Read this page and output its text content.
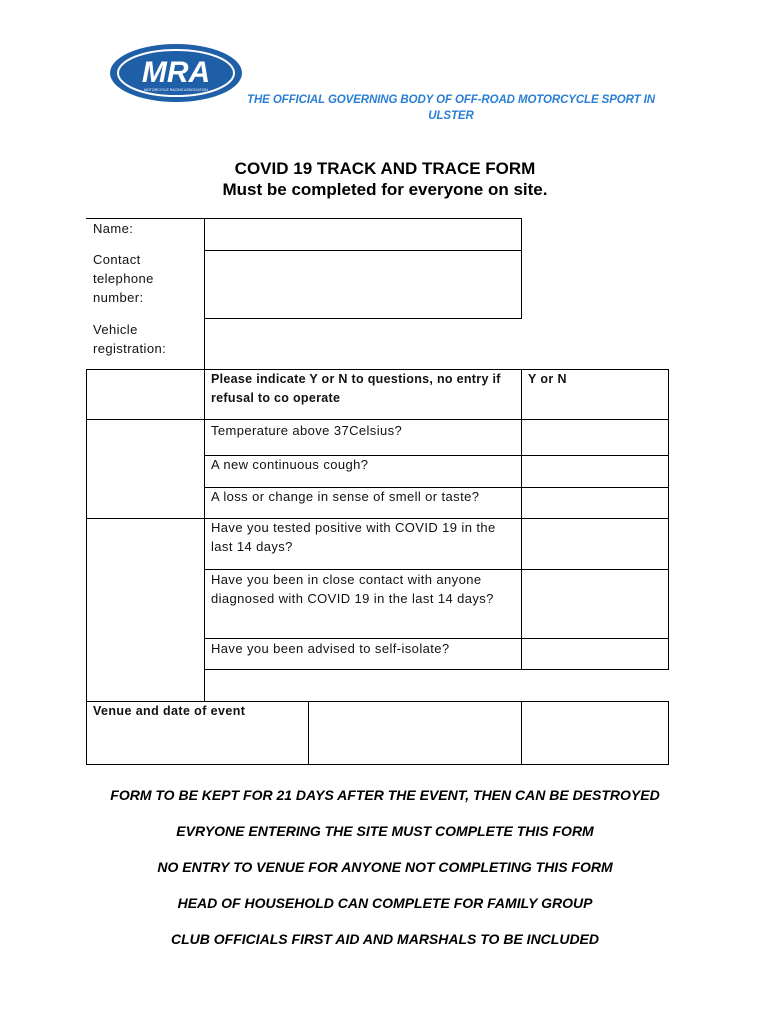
MRA
MOTORCYCLE RACING ASSOCIATION
THE OFFICIAL GOVERNING BODY OF OFF-ROAD MOTORCYCLE SPORT IN ULSTER
COVID 19 TRACK AND TRACE FORM
Must be completed for everyone on site.
Name:
Contact telephone number:
Vehicle registration:
Please indicate Y or N to questions, no entry if refusal to co operate
Y or N
Temperature above 37Celsius?
A new continuous cough?
A loss or change in sense of smell or taste?
Have you tested positive with COVID 19 in the last 14 days?
Have you been in close contact with anyone diagnosed with COVID 19 in the last 14 days?
Have you been advised to self-isolate?
Venue and date of event
FORM TO BE KEPT FOR 21 DAYS AFTER THE EVENT, THEN CAN BE DESTROYED
EVRYONE ENTERING THE SITE MUST COMPLETE THIS FORM
NO ENTRY TO VENUE FOR ANYONE NOT COMPLETING THIS FORM
HEAD OF HOUSEHOLD CAN COMPLETE FOR FAMILY GROUP
CLUB OFFICIALS FIRST AID AND MARSHALS TO BE INCLUDED
